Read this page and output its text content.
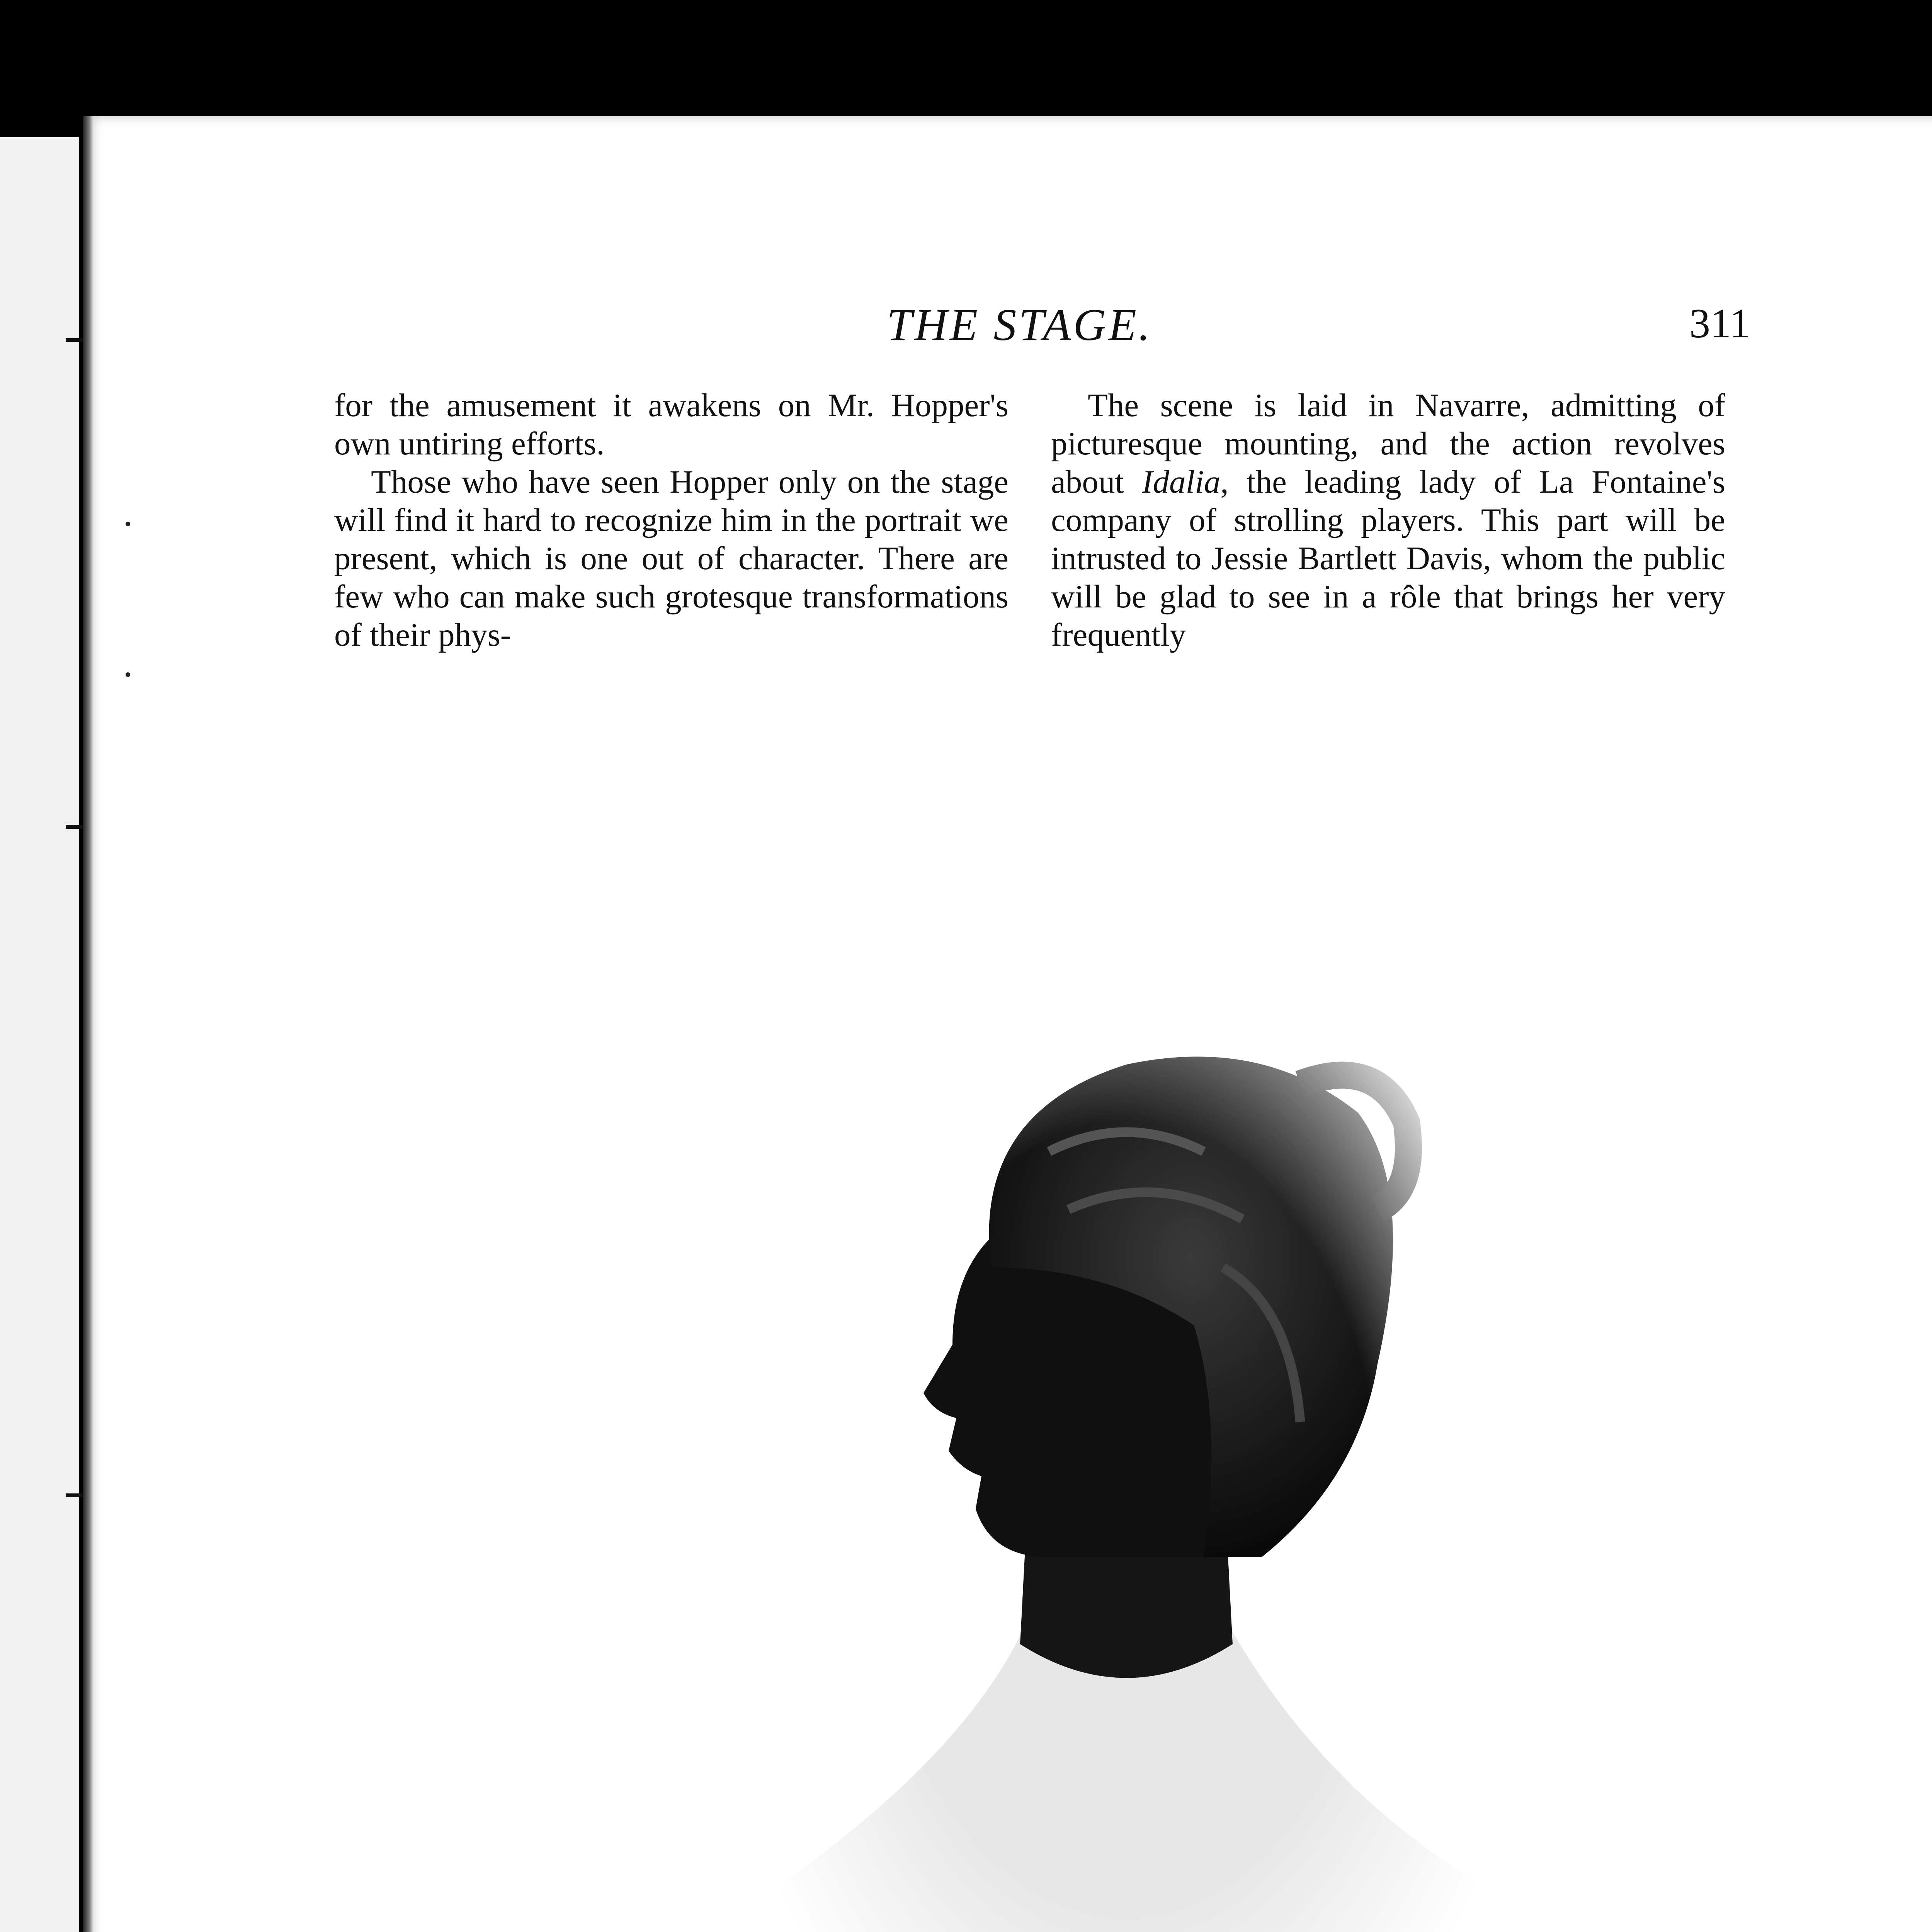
THE STAGE.	311

for the amusement it awakens on Mr. Hopper's own untiring efforts.

Those who have seen Hopper only on the stage will find it hard to recognize him in the portrait we present, which is one out of character. There are few who can make such grotesque transformations of their phys-

The scene is laid in Navarre, admitting of picturesque mounting, and the action revolves about Idalia, the leading lady of La Fontaine's company of strolling players. This part will be intrusted to Jessie Bartlett Davis, whom the public will be glad to see in a rôle that brings her very frequently
